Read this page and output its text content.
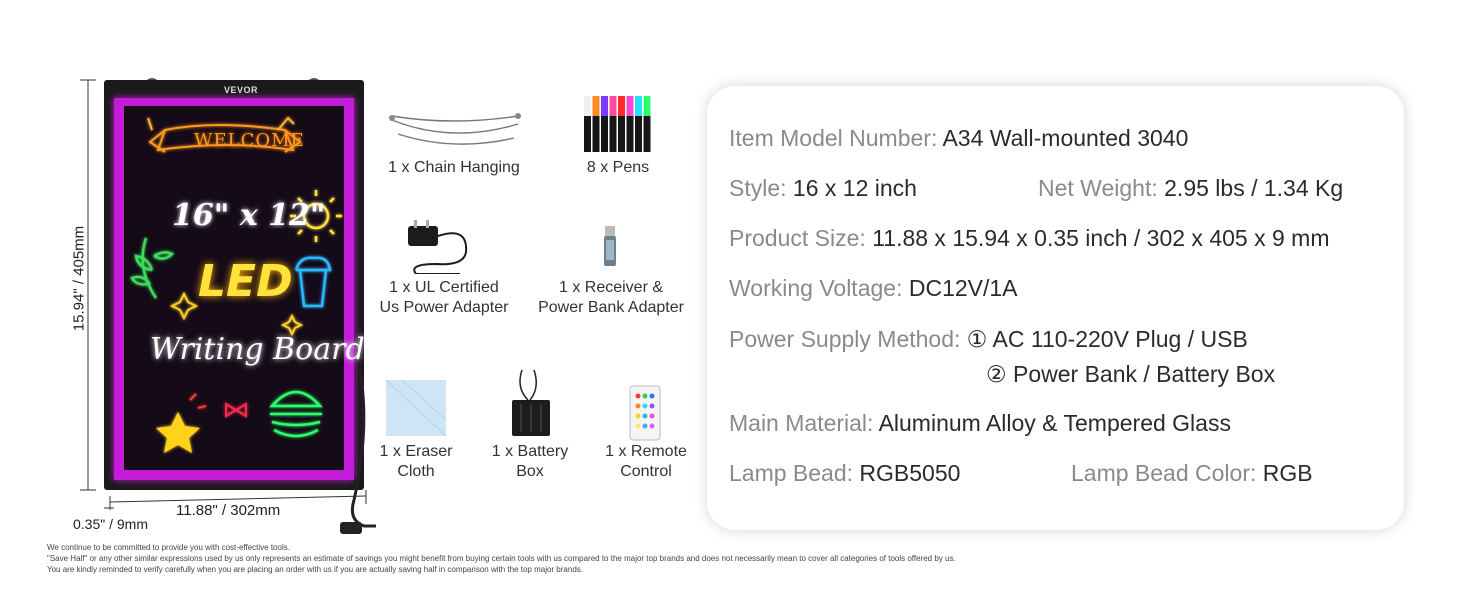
VEVOR
WELCOME
16" x 12"
LED
Writing Board
15.94" / 405mm
11.88" / 302mm
0.35" / 9mm
1 x Chain Hanging	8 x Pens
1 x UL Certified
Us Power Adapter
1 x Receiver &
Power Bank Adapter
1 x Eraser
Cloth
1 x Battery
Box
1 x Remote
Control
Item Model Number: A34 Wall-mounted 3040
Style: 16 x 12 inch	Net Weight: 2.95 lbs / 1.34 Kg
Product Size: 11.88 x 15.94 x 0.35 inch / 302 x 405 x 9 mm
Working Voltage: DC12V/1A
Power Supply Method: ① AC 110-220V Plug / USB
② Power Bank / Battery Box
Main Material: Aluminum Alloy & Tempered Glass
Lamp Bead: RGB5050	Lamp Bead Color: RGB
We continue to be committed to provide you with cost-effective tools.
"Save Half" or any other similar expressions used by us only represents an estimate of savings you might benefit from buying certain tools with us compared to the major top brands and does not necessarily mean to cover all categories of tools offered by us.
You are kindly reminded to verify carefully when you are placing an order with us if you are actually saving half in comparison with the top major brands.
